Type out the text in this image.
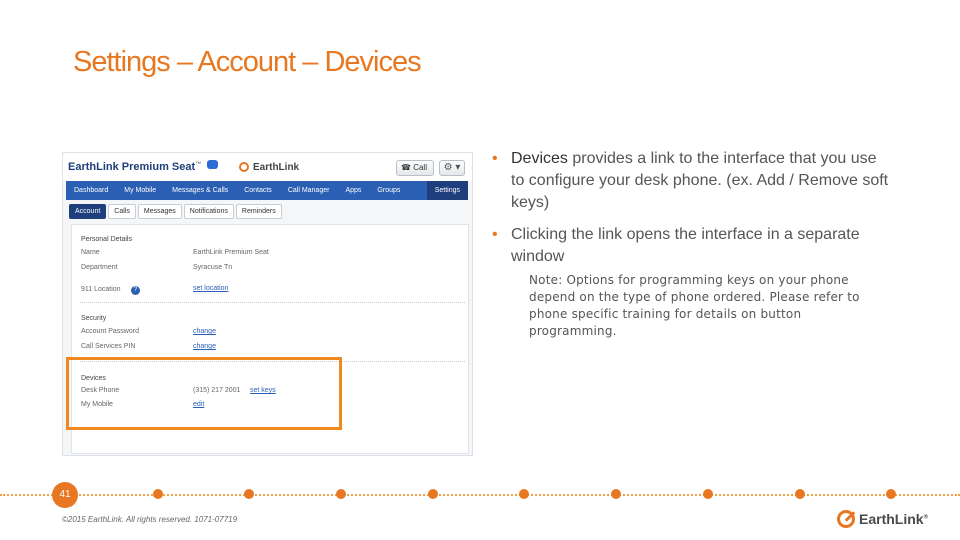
Settings – Account – Devices
EarthLink Premium Seat™	EarthLink	☎ Call	⚙ ▾
Dashboard	My Mobile	Messages & Calls	Contacts	Call Manager	Apps	Groups	Settings
Account	Calls	Messages	Notifications	Reminders
Personal Details
Name	EarthLink Premium Seat
Department	Syracuse Tn
911 Location	?	set location
Security
Account Password	change
Call Services PIN	change
Devices
Desk Phone	(315) 217 2001 set keys
My Mobile	edit
• Devices provides a link to the interface that you use to configure your desk phone. (ex. Add / Remove soft keys)
• Clicking the link opens the interface in a separate window
Note: Options for programming keys on your phone depend on the type of phone ordered. Please refer to phone specific training for details on button programming.
41
©2015 EarthLink. All rights reserved. 1071-07719	EarthLink®
